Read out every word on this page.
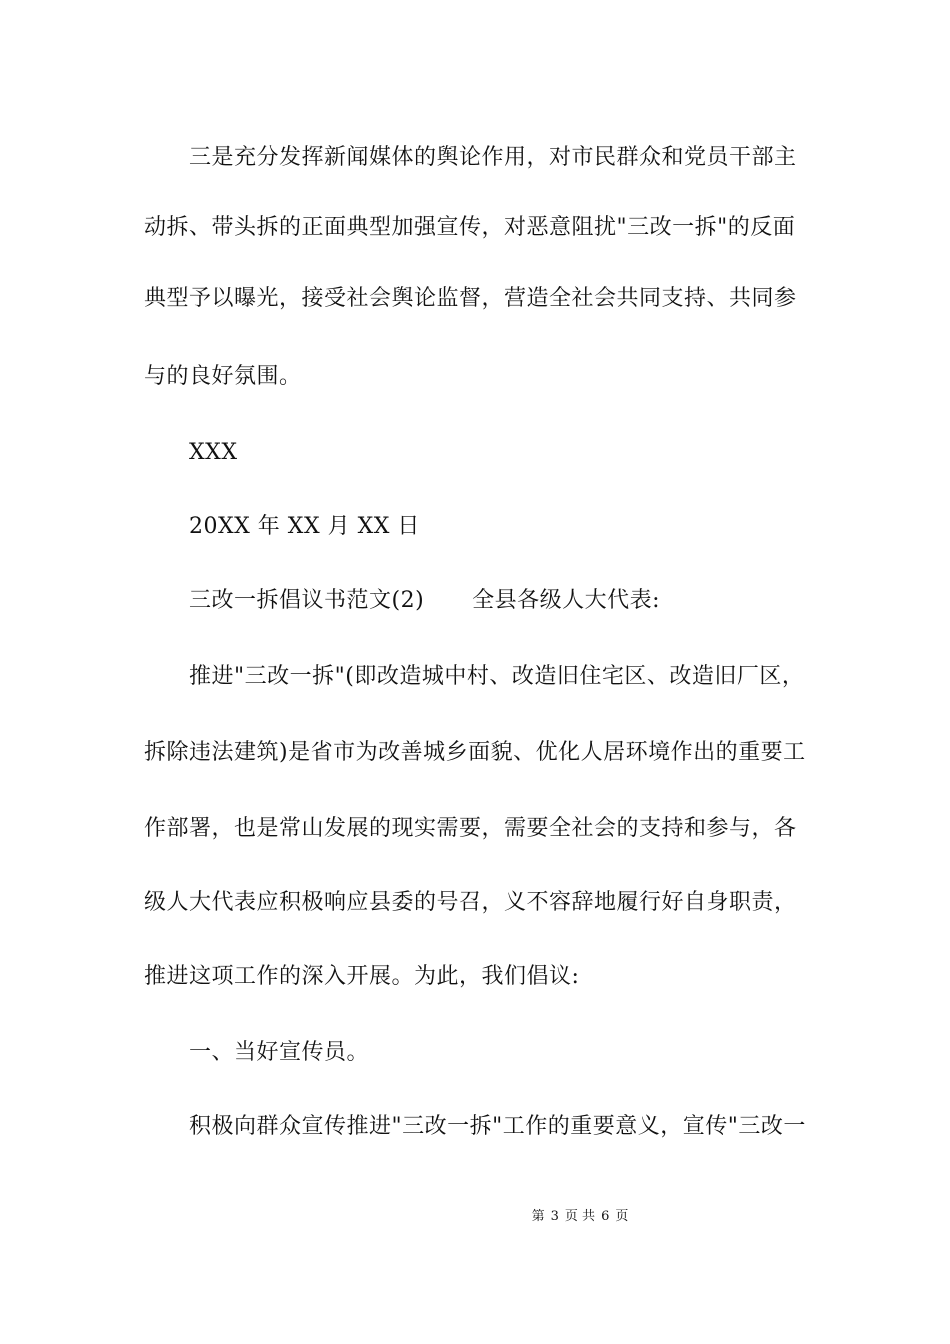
三是充分发挥新闻媒体的舆论作用，对市民群众和党员干部主
动拆、带头拆的正面典型加强宣传，对恶意阻扰"三改一拆"的反面
典型予以曝光，接受社会舆论监督，营造全社会共同支持、共同参
与的良好氛围。
XXX
20XX 年 XX 月 XX 日
三改一拆倡议书范文(2) 全县各级人大代表:
推进"三改一拆"(即改造城中村、改造旧住宅区、改造旧厂区，
拆除违法建筑)是省市为改善城乡面貌、优化人居环境作出的重要工
作部署，也是常山发展的现实需要，需要全社会的支持和参与，各
级人大代表应积极响应县委的号召，义不容辞地履行好自身职责，
推进这项工作的深入开展。为此，我们倡议:
一、当好宣传员。
积极向群众宣传推进"三改一拆"工作的重要意义，宣传"三改一
第 3 页 共 6 页
